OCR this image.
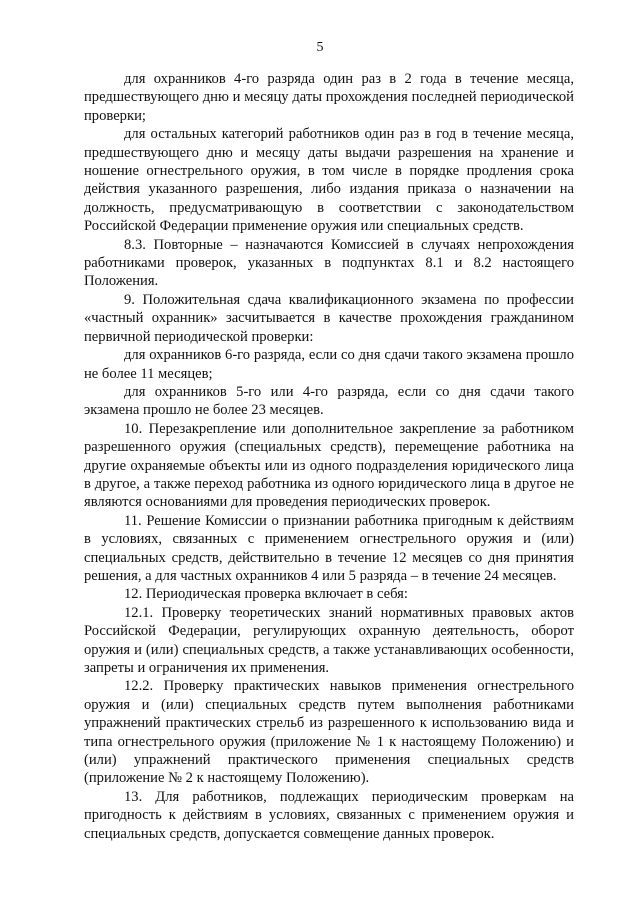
5

для охранников 4-го разряда один раз в 2 года в течение месяца, предшествующего дню и месяцу даты прохождения последней периодической проверки;

для остальных категорий работников один раз в год в течение месяца, предшествующего дню и месяцу даты выдачи разрешения на хранение и ношение огнестрельного оружия, в том числе в порядке продления срока действия указанного разрешения, либо издания приказа о назначении на должность, предусматривающую в соответствии с законодательством Российской Федерации применение оружия или специальных средств.

8.3. Повторные – назначаются Комиссией в случаях непрохождения работниками проверок, указанных в подпунктах 8.1 и 8.2 настоящего Положения.

9. Положительная сдача квалификационного экзамена по профессии «частный охранник» засчитывается в качестве прохождения гражданином первичной периодической проверки:

для охранников 6-го разряда, если со дня сдачи такого экзамена прошло не более 11 месяцев;

для охранников 5-го или 4-го разряда, если со дня сдачи такого экзамена прошло не более 23 месяцев.

10. Перезакрепление или дополнительное закрепление за работником разрешенного оружия (специальных средств), перемещение работника на другие охраняемые объекты или из одного подразделения юридического лица в другое, а также переход работника из одного юридического лица в другое не являются основаниями для проведения периодических проверок.

11. Решение Комиссии о признании работника пригодным к действиям в условиях, связанных с применением огнестрельного оружия и (или) специальных средств, действительно в течение 12 месяцев со дня принятия решения, а для частных охранников 4 или 5 разряда – в течение 24 месяцев.

12. Периодическая проверка включает в себя:

12.1. Проверку теоретических знаний нормативных правовых актов Российской Федерации, регулирующих охранную деятельность, оборот оружия и (или) специальных средств, а также устанавливающих особенности, запреты и ограничения их применения.

12.2. Проверку практических навыков применения огнестрельного оружия и (или) специальных средств путем выполнения работниками упражнений практических стрельб из разрешенного к использованию вида и типа огнестрельного оружия (приложение № 1 к настоящему Положению) и (или) упражнений практического применения специальных средств (приложение № 2 к настоящему Положению).

13. Для работников, подлежащих периодическим проверкам на пригодность к действиям в условиях, связанных с применением оружия и специальных средств, допускается совмещение данных проверок.
